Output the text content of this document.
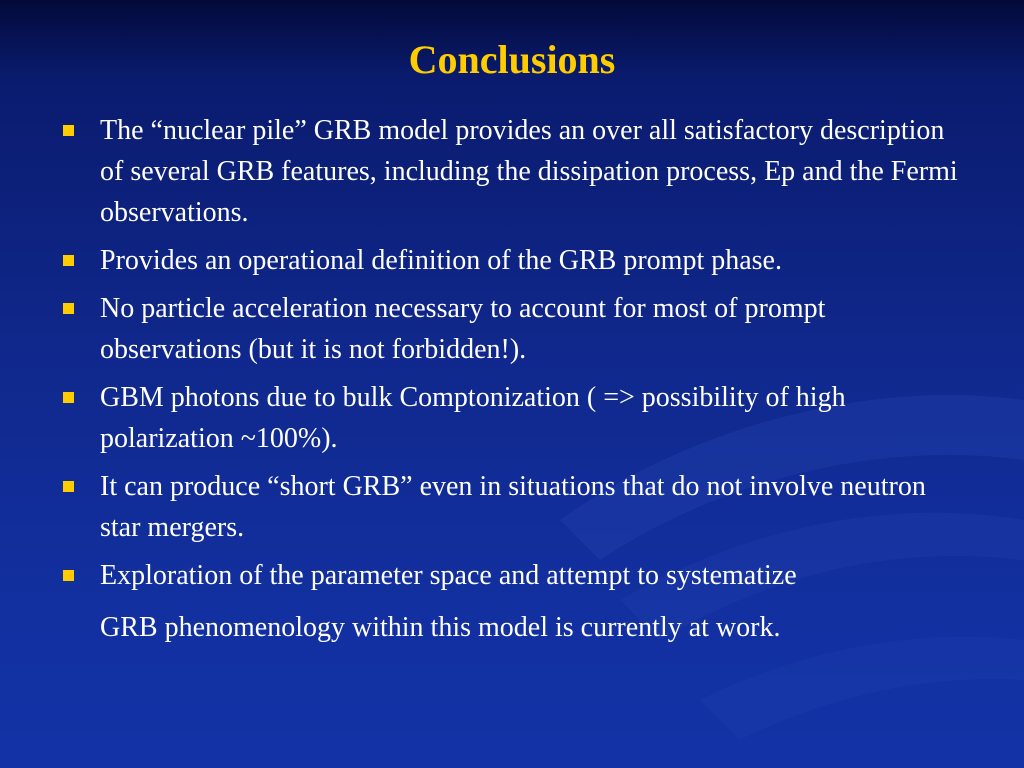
Conclusions
The “nuclear pile” GRB model provides an over all satisfactory description of several GRB features, including the dissipation process, Ep and the Fermi observations.
Provides an operational definition of the GRB prompt phase.
No particle acceleration necessary to account for most of prompt observations (but it is not forbidden!).
GBM photons due to bulk Comptonization ( => possibility of high polarization ~100%).
It can produce “short GRB” even in situations that do not involve neutron star mergers.
Exploration of the parameter space and attempt to systematize
GRB phenomenology within this model is currently at work.
